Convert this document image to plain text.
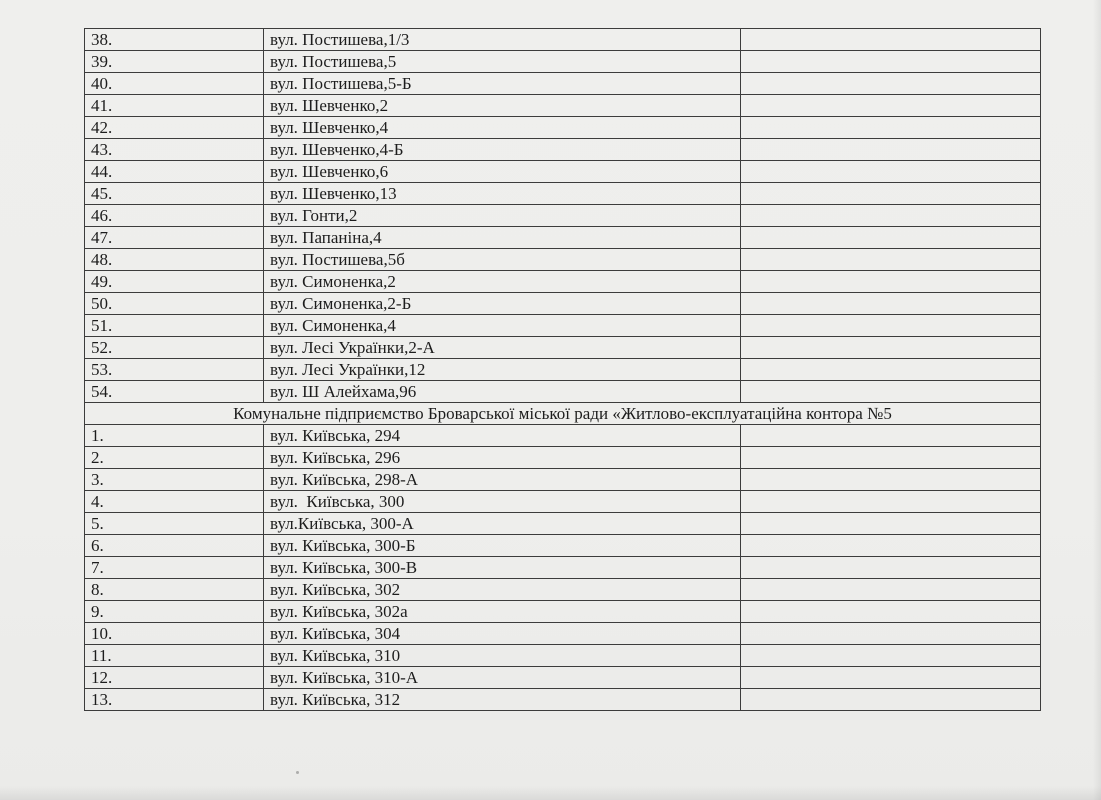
38.	вул. Постишева,1/3	
39.	вул. Постишева,5	
40.	вул. Постишева,5-Б	
41.	вул. Шевченко,2	
42.	вул. Шевченко,4	
43.	вул. Шевченко,4-Б	
44.	вул. Шевченко,6	
45.	вул. Шевченко,13	
46.	вул. Гонти,2	
47.	вул. Папаніна,4	
48.	вул. Постишева,5б	
49.	вул. Симоненка,2	
50.	вул. Симоненка,2-Б	
51.	вул. Симоненка,4	
52.	вул. Лесі Українки,2-А	
53.	вул. Лесі Українки,12	
54.	вул. Ш Алейхама,96	
Комунальне підприємство Броварської міської ради «Житлово-експлуатаційна контора №5		
1.	вул. Київська, 294	
2.	вул. Київська, 296	
3.	вул. Київська, 298-А	
4.	вул.  Київська, 300	
5.	вул.Київська, 300-А	
6.	вул. Київська, 300-Б	
7.	вул. Київська, 300-В	
8.	вул. Київська, 302	
9.	вул. Київська, 302а	
10.	вул. Київська, 304	
11.	вул. Київська, 310	
12.	вул. Київська, 310-А	
13.	вул. Київська, 312	
